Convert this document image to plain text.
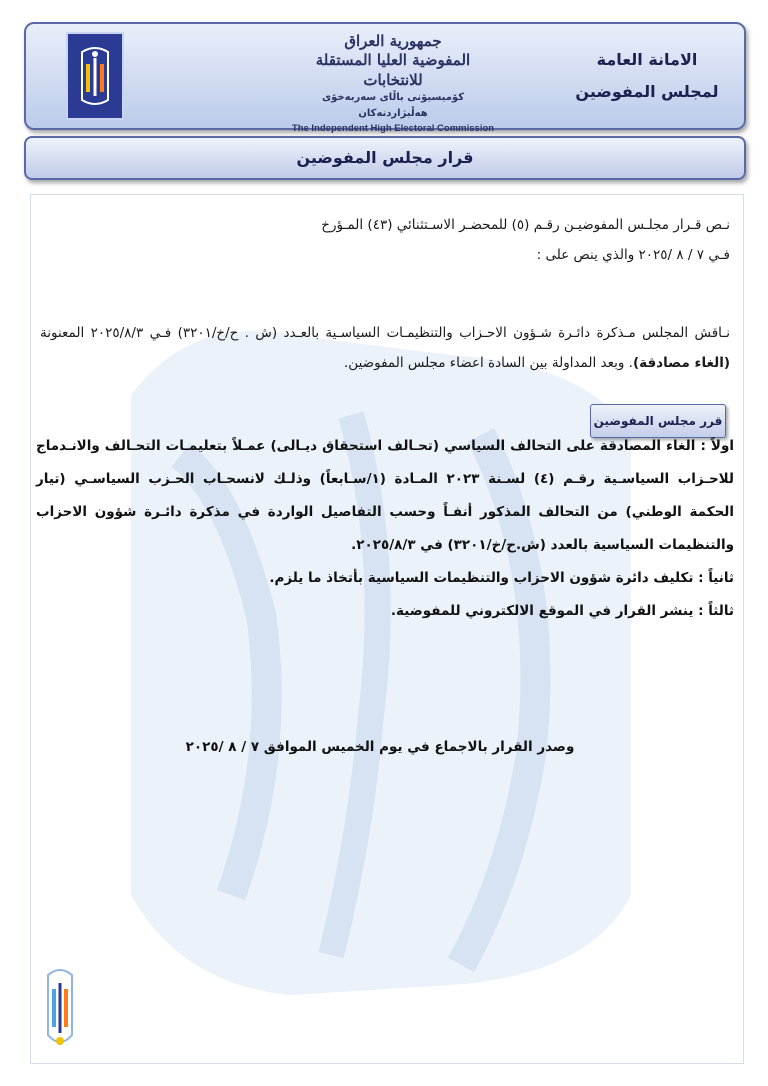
جمهورية العراق
المفوضية العليا المستقلة للانتخابات
كۆمیسیۆنی باڵای سەربەخۆی هەڵبژاردنەکان
The Independent High Electoral Commission
الامانة العامة
لمجلس المفوضين
قرار مجلس المفوضين
نـص قـرار مجلـس المفوضيـن رقـم (٥) للمحضـر الاسـتثنائي (٤٣) المـؤرخ
فـي ٧ / ٨ /٢٠٢٥ والذي ينص على :
نـاقش المجلس مـذكرة دائـرة شـؤون الاحـزاب والتنظيمـات السياسـية بالعـدد (ش . ح/خ/٣٢٠١) فـي ٢٠٢٥/٨/٣ المعنونة (الغاء مصادقة). وبعد المداولة بين السادة اعضاء مجلس المفوضين.
قرر مجلس المفوضين
اولاً : الغاء المصادقة على التحالف السياسي (تحـالف استحقاق ديـالى) عمـلاً بتعليمـات التحـالف والانـدماج للاحـزاب السياسـية رقـم (٤) لسـنة ٢٠٢٣ المـادة (١/سـابعاً) وذلـك لانسحـاب الحـزب السياسـي (تيار الحكمة الوطني) من التحالف المذكور أنفـاً وحسب التفاصيل الواردة في مذكرة دائـرة شؤون الاحزاب والتنظيمات السياسية بالعدد (ش.ح/خ/٣٢٠١) في ٢٠٢٥/٨/٣.
ثانياً : تكليف دائرة شؤون الاحزاب والتنظيمات السياسية بأتخاذ ما يلزم.
ثالثاً : ينشر القرار في الموقع الالكتروني للمفوضية.
وصدر القرار بالاجماع في يوم الخميس الموافق ٧ / ٨ /٢٠٢٥
